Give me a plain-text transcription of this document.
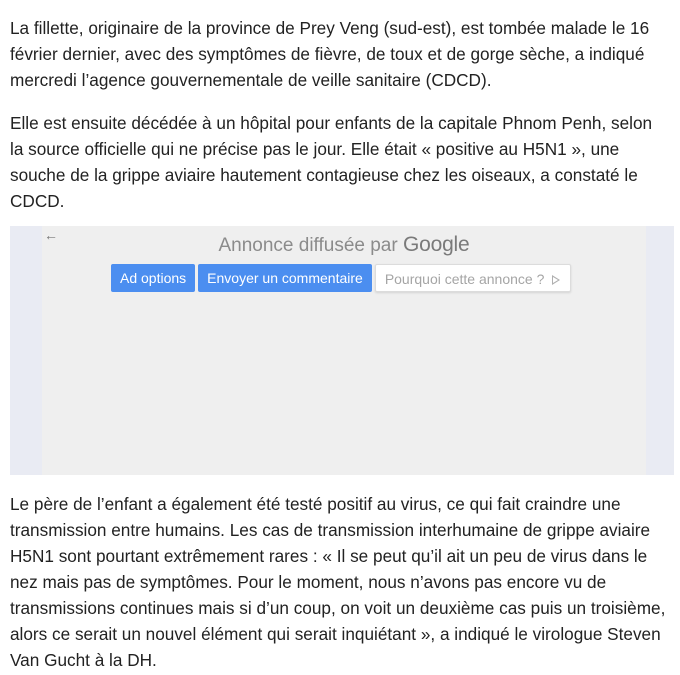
La fillette, originaire de la province de Prey Veng (sud-est), est tombée malade le 16 février dernier, avec des symptômes de fièvre, de toux et de gorge sèche, a indiqué mercredi l’agence gouvernementale de veille sanitaire (CDCD).

Elle est ensuite décédée à un hôpital pour enfants de la capitale Phnom Penh, selon la source officielle qui ne précise pas le jour. Elle était « positive au H5N1 », une souche de la grippe aviaire hautement contagieuse chez les oiseaux, a constaté le CDCD.

←	Annonce diffusée par Google
Ad options	Envoyer un commentaire	Pourquoi cette annonce ?

Le père de l’enfant a également été testé positif au virus, ce qui fait craindre une transmission entre humains. Les cas de transmission interhumaine de grippe aviaire H5N1 sont pourtant extrêmement rares : « Il se peut qu’il ait un peu de virus dans le nez mais pas de symptômes. Pour le moment, nous n’avons pas encore vu de transmissions continues mais si d’un coup, on voit un deuxième cas puis un troisième, alors ce serait un nouvel élément qui serait inquiétant », a indiqué le virologue Steven Van Gucht à la DH.
